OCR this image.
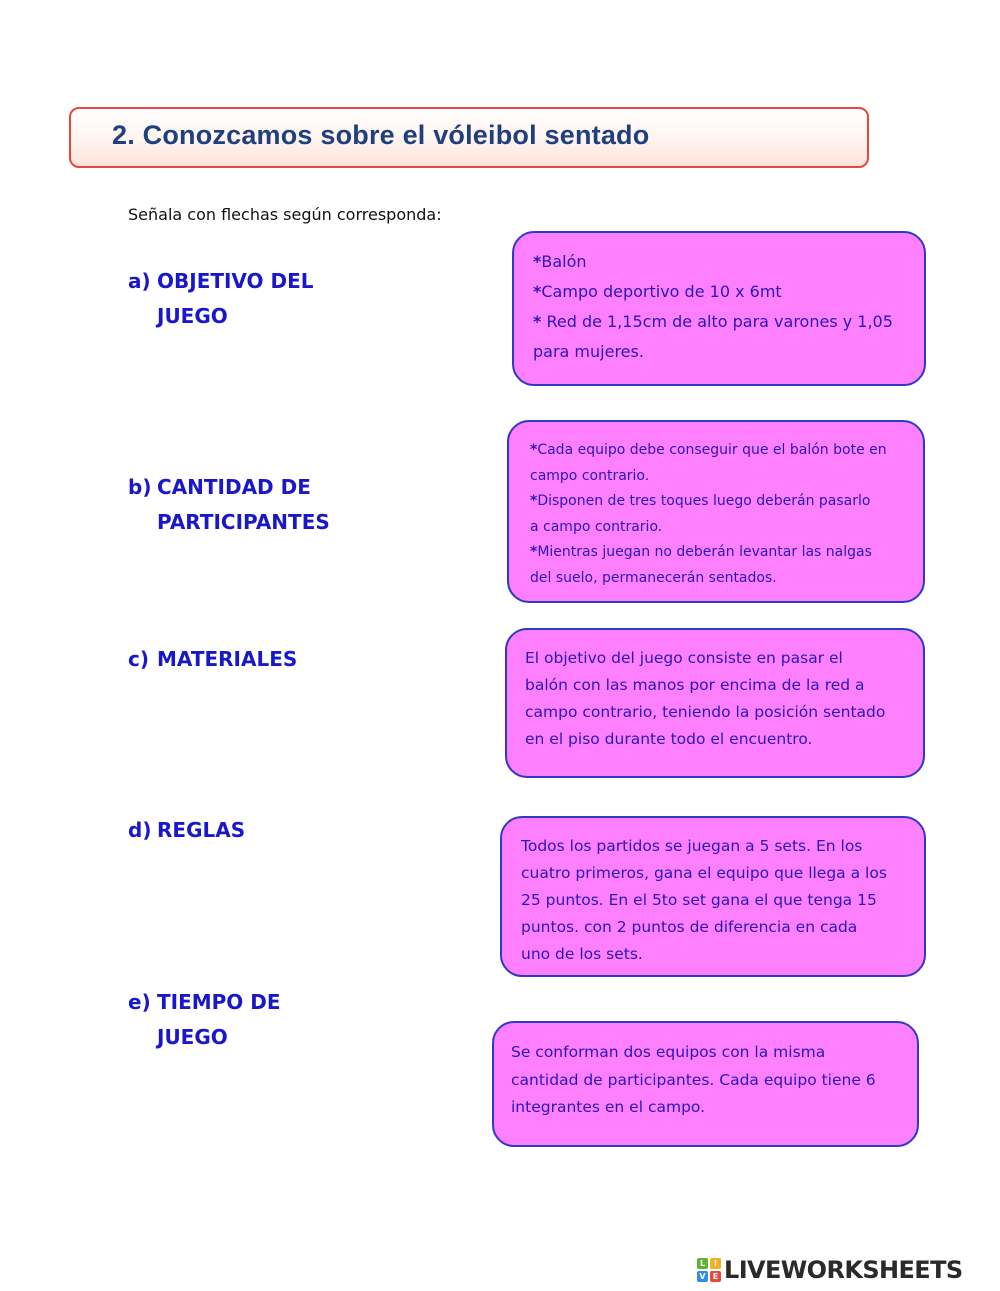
2. Conozcamos sobre el vóleibol sentado
Señala con flechas según corresponda:
a) OBJETIVO DEL
JUEGO
b) CANTIDAD DE
PARTICIPANTES
c) MATERIALES
d) REGLAS
e) TIEMPO DE
JUEGO

*Balón

*Campo deportivo de 10 x 6mt

* Red de 1,15cm de alto para varones y 1,05

para mujeres.

*Cada equipo debe conseguir que el balón bote en

campo contrario.

*Disponen de tres toques luego deberán pasarlo

a campo contrario.

*Mientras juegan no deberán levantar las nalgas

del suelo, permanecerán sentados.

El objetivo del juego consiste en pasar el

balón con las manos por encima de la red a

campo contrario, teniendo la posición sentado

en el piso durante todo el encuentro.

Todos los partidos se juegan a 5 sets. En los

cuatro primeros, gana el equipo que llega a los

25 puntos. En el 5to set gana el que tenga 15

puntos. con 2 puntos de diferencia en cada

uno de los sets.

Se conforman dos equipos con la misma

cantidad de participantes. Cada equipo tiene 6

integrantes en el campo.

L	I
V E LIVEWORKSHEETS
